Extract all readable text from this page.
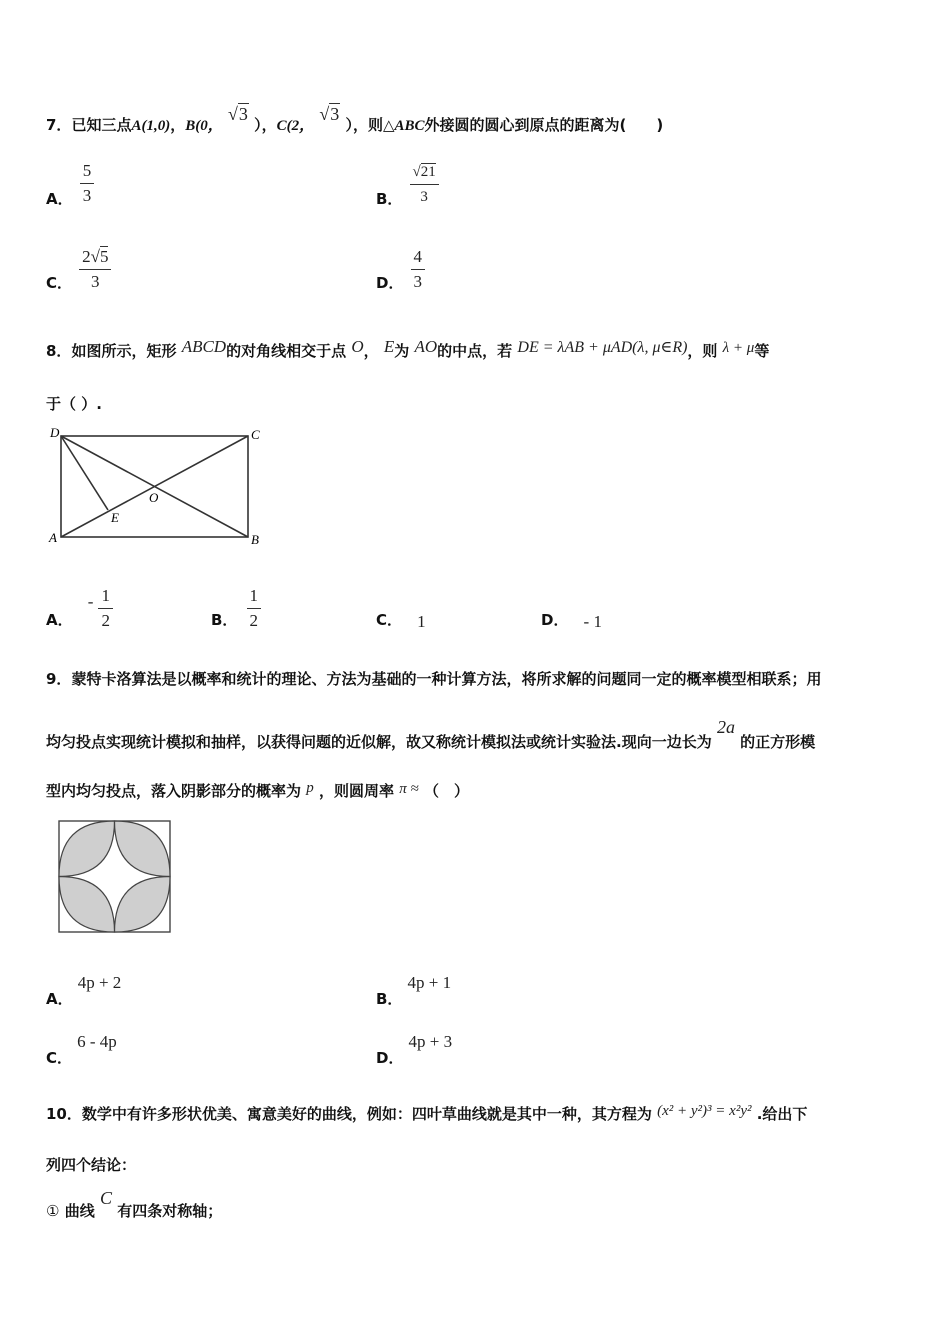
7．已知三点A(1,0)，B(0， √3 ），C(2， √3 ），则△ABC外接圆的圆心到原点的距离为(　　)
A． $\frac{5}{3}$	B． $\frac{√21}{3}$
C． $\frac{2√5}{3}$	D． $\frac{4}{3}$
8．如图所示，矩形 ABCD的对角线相交于点 O， E为 AO的中点，若 DE = λAB + μAD(λ, μ∈R)，则 λ + μ等
于（ ）.
D	C
A	B
O
E
A． - $\frac{1}{2}$	B． $\frac{1}{2}$	C． 1	D． - 1
9．蒙特卡洛算法是以概率和统计的理论、方法为基础的一种计算方法，将所求解的问题同一定的概率模型相联系；用
均匀投点实现统计模拟和抽样，以获得问题的近似解，故又称统计模拟法或统计实验法.现向一边长为 2a 的正方形模
型内均匀投点，落入阴影部分的概率为 p ，则圆周率 π ≈ （　）
A． 4p + 2
B． 4p + 1
C． 6 - 4p
D． 4p + 3
10．数学中有许多形状优美、寓意美好的曲线，例如：四叶草曲线就是其中一种，其方程为 (x² + y²)³ = x²y² .给出下
列四个结论：
① 曲线 C 有四条对称轴；
